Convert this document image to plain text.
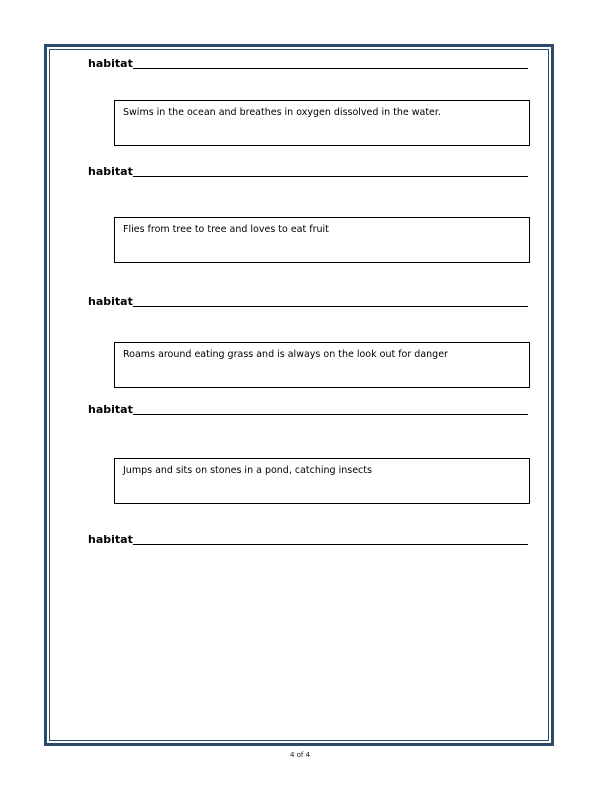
habitat
Swims in the ocean and breathes in oxygen dissolved in the water.
habitat
Flies from tree to tree and loves to eat fruit
habitat
Roams around eating grass and is always on the look out for danger
habitat
Jumps and sits on stones in a pond, catching insects
habitat
4 of 4
